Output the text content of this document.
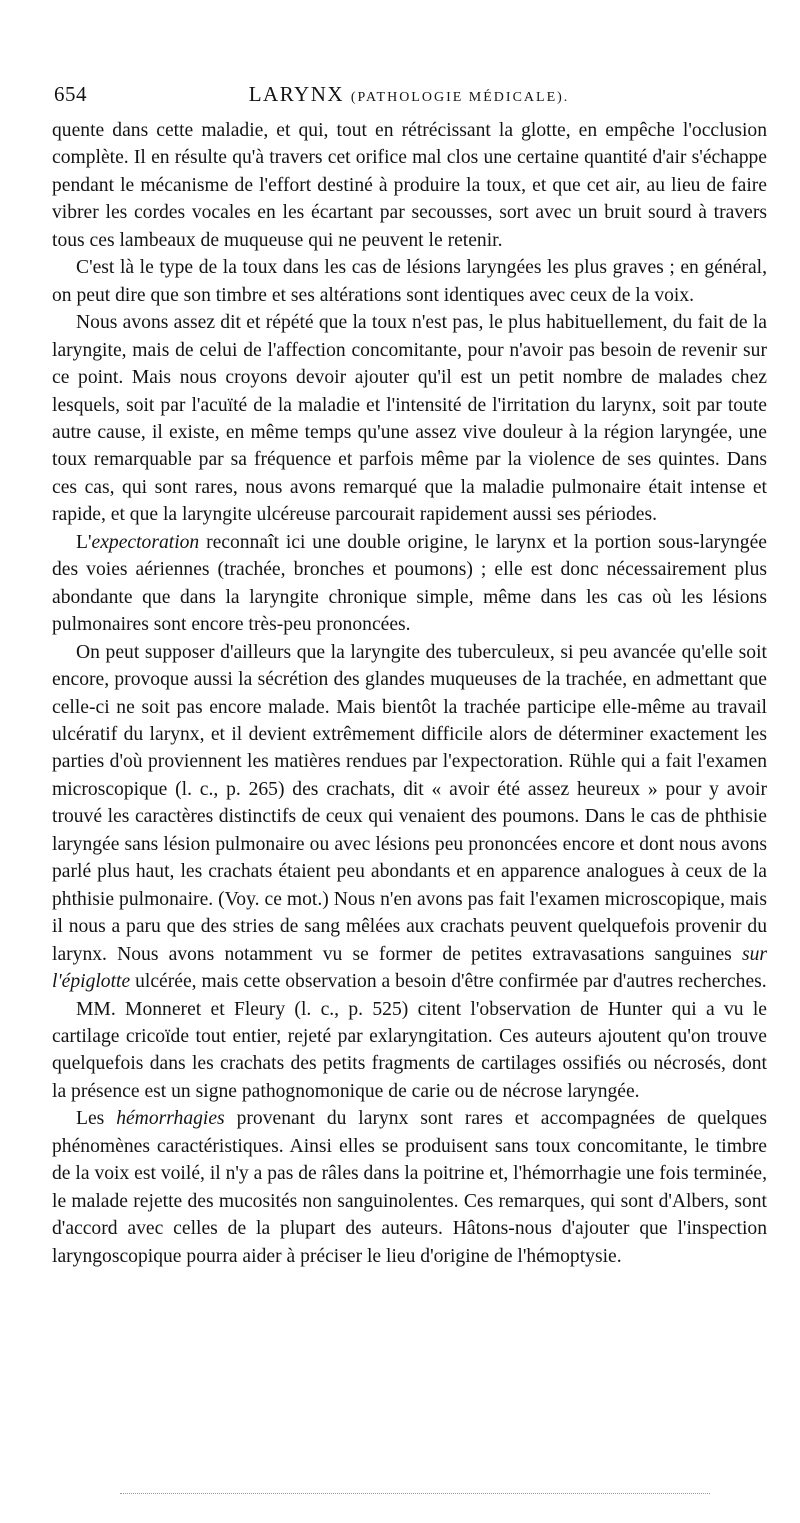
654	LARYNX (PATHOLOGIE MÉDICALE).

quente dans cette maladie, et qui, tout en rétrécissant la glotte, en empêche l'occlusion complète. Il en résulte qu'à travers cet orifice mal clos une certaine quantité d'air s'échappe pendant le mécanisme de l'effort destiné à produire la toux, et que cet air, au lieu de faire vibrer les cordes vocales en les écartant par secousses, sort avec un bruit sourd à travers tous ces lambeaux de muqueuse qui ne peuvent le retenir.

C'est là le type de la toux dans les cas de lésions laryngées les plus graves ; en général, on peut dire que son timbre et ses altérations sont identiques avec ceux de la voix.

Nous avons assez dit et répété que la toux n'est pas, le plus habituellement, du fait de la laryngite, mais de celui de l'affection concomitante, pour n'avoir pas besoin de revenir sur ce point. Mais nous croyons devoir ajouter qu'il est un petit nombre de malades chez lesquels, soit par l'acuïté de la maladie et l'intensité de l'irritation du larynx, soit par toute autre cause, il existe, en même temps qu'une assez vive douleur à la région laryngée, une toux remarquable par sa fréquence et parfois même par la violence de ses quintes. Dans ces cas, qui sont rares, nous avons remarqué que la maladie pulmonaire était intense et rapide, et que la laryngite ulcéreuse parcourait rapidement aussi ses périodes.

L'expectoration reconnaît ici une double origine, le larynx et la portion sous-laryngée des voies aériennes (trachée, bronches et poumons) ; elle est donc nécessairement plus abondante que dans la laryngite chronique simple, même dans les cas où les lésions pulmonaires sont encore très-peu prononcées.

On peut supposer d'ailleurs que la laryngite des tuberculeux, si peu avancée qu'elle soit encore, provoque aussi la sécrétion des glandes muqueuses de la trachée, en admettant que celle-ci ne soit pas encore malade. Mais bientôt la trachée participe elle-même au travail ulcératif du larynx, et il devient extrêmement difficile alors de déterminer exactement les parties d'où proviennent les matières rendues par l'expectoration. Rühle qui a fait l'examen microscopique (l. c., p. 265) des crachats, dit « avoir été assez heureux » pour y avoir trouvé les caractères distinctifs de ceux qui venaient des poumons. Dans le cas de phthisie laryngée sans lésion pulmonaire ou avec lésions peu prononcées encore et dont nous avons parlé plus haut, les crachats étaient peu abondants et en apparence analogues à ceux de la phthisie pulmonaire. (Voy. ce mot.) Nous n'en avons pas fait l'examen microscopique, mais il nous a paru que des stries de sang mêlées aux crachats peuvent quelquefois provenir du larynx. Nous avons notamment vu se former de petites extravasations sanguines sur l'épiglotte ulcérée, mais cette observation a besoin d'être confirmée par d'autres recherches.

MM. Monneret et Fleury (l. c., p. 525) citent l'observation de Hunter qui a vu le cartilage cricoïde tout entier, rejeté par exlaryngitation. Ces auteurs ajoutent qu'on trouve quelquefois dans les crachats des petits fragments de cartilages ossifiés ou nécrosés, dont la présence est un signe pathognomonique de carie ou de nécrose laryngée.

Les hémorrhagies provenant du larynx sont rares et accompagnées de quelques phénomènes caractéristiques. Ainsi elles se produisent sans toux concomitante, le timbre de la voix est voilé, il n'y a pas de râles dans la poitrine et, l'hémorrhagie une fois terminée, le malade rejette des mucosités non sanguinolentes. Ces remarques, qui sont d'Albers, sont d'accord avec celles de la plupart des auteurs. Hâtons-nous d'ajouter que l'inspection laryngoscopique pourra aider à préciser le lieu d'origine de l'hémoptysie.
